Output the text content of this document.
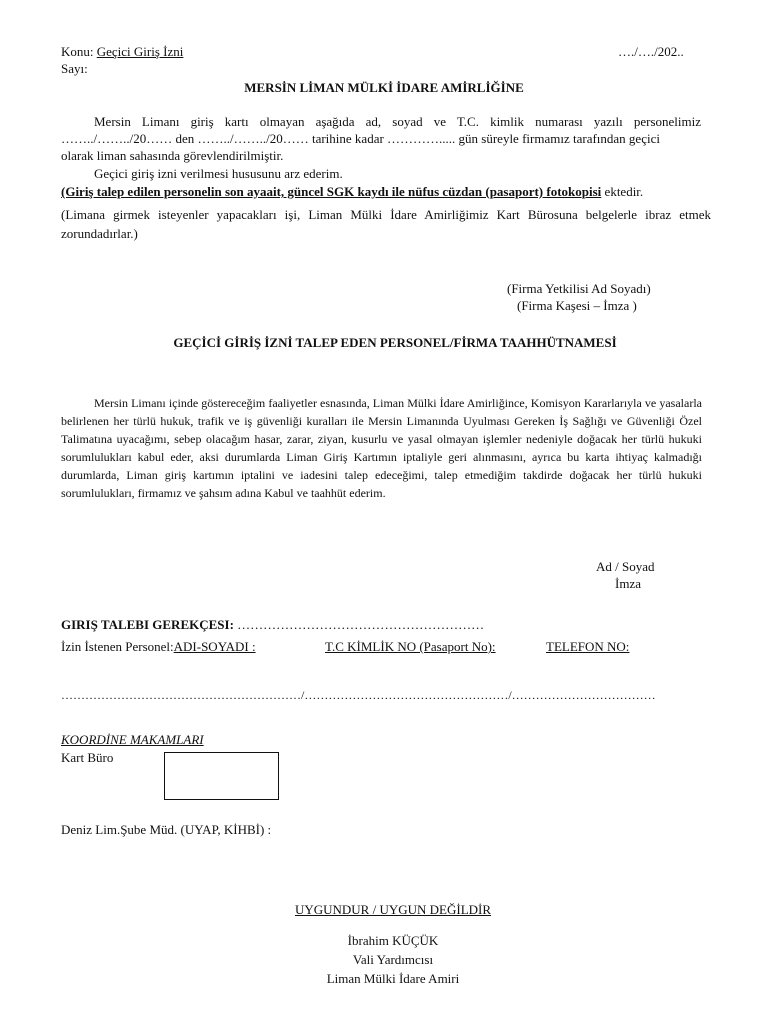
Konu: Geçici Giriş İzni	…./…./202..
Sayı:
MERSİN LİMAN MÜLKİ İDARE AMİRLİĞİNE
Mersin Limanı giriş kartı olmayan aşağıda ad, soyad ve T.C. kimlik numarası yazılı personelimiz
……../……../20…… den ……../……../20…… tarihine kadar …………..... gün süreyle firmamız tarafından geçici
olarak liman sahasında görevlendirilmiştir.
Geçici giriş izni verilmesi hususunu arz ederim.
(Giriş talep edilen personelin son ayaait, güncel SGK kaydı ile nüfus cüzdan (pasaport) fotokopisi ektedir.
(Limana girmek isteyenler yapacakları işi, Liman Mülki İdare Amirliğimiz Kart Bürosuna belgelerle ibraz etmek zorundadırlar.)
(Firma Yetkilisi Ad Soyadı)
(Firma Kaşesi – İmza )
GEÇİCİ GİRİŞ İZNİ TALEP EDEN PERSONEL/FİRMA TAAHHÜTNAMESİ
Mersin Limanı içinde göstereceğim faaliyetler esnasında, Liman Mülki İdare Amirliğince, Komisyon Kararlarıyla ve yasalarla belirlenen her türlü hukuk, trafik ve iş güvenliği kuralları ile Mersin Limanında Uyulması Gereken İş Sağlığı ve Güvenliği Özel Talimatına uyacağımı, sebep olacağım hasar, zarar, ziyan, kusurlu ve yasal olmayan işlemler nedeniyle doğacak her türlü hukuki sorumlulukları kabul eder, aksi durumlarda Liman Giriş Kartımın iptaliyle geri alınmasını, ayrıca bu karta ihtiyaç kalmadığı durumlarda, Liman giriş kartımın iptalini ve iadesini talep edeceğimi, talep etmediğim takdirde doğacak her türlü hukuki sorumlulukları, firmamız ve şahsım adına Kabul ve taahhüt ederim.
Ad / Soyad
İmza
GIRIŞ TALEBI GEREKÇESI: …………………………………………………
İzin İstenen Personel:ADI-SOYADI :	T.C KİMLİK NO (Pasaport No):	TELEFON NO:
……………………………………………………/……………………………………………/………………………………
KOORDİNE MAKAMLARI
Kart Büro
Deniz Lim.Şube Müd. (UYAP, KİHBİ) :
UYGUNDUR / UYGUN DEĞİLDİR
İbrahim KÜÇÜK
Vali Yardımcısı
Liman Mülki İdare Amiri
